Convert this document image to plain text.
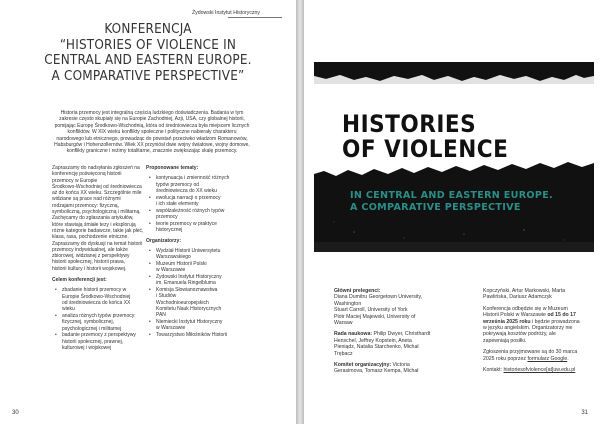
Żydowski Instytut Historyczny
KONFERENCJA
“HISTORIES OF VIOLENCE IN
CENTRAL AND EASTERN EUROPE.
A COMPARATIVE PERSPECTIVE”
Historia przemocy jest integralną częścią ludzkiego doświadczenia. Badania w tym
zakresie często skupiały się na Europie Zachodniej, Azji, USA, czy globalnej historii,
pomijając Europę Środkowo-Wschodnią, która od średniowiecza była miejscem licznych
konfliktów. W XIX wieku konflikty społeczne i polityczne nabierały charakteru
narodowego lub etnicznego, prowadząc do powstań przeciwko władzom Romanowów,
Habsburgów i Hohenzollernów. Wiek XX przyniósł dwie wojny światowe, wojny domowe,
konflikty graniczne i reżimy totalitarne, znacznie zwiększając skalę przemocy.
Zapraszamy do nadsyłania zgłoszeń na
konferencję poświęconą historii
przemocy w Europie
Środkowo-Wschodniej od średniowiecza
aż do końca XX wieku. Szczególnie mile
widziane są prace nad różnymi
rodzajami przemocy: fizyczną,
symboliczną, psychologiczną i militarną.
Zachęcamy do zgłaszania artykułów,
które stawiają śmiałe tezy i eksplorują
różne kategorie badawcze, takie jak płeć,
klasa, rasa, pochodzenie etniczne.
Zapraszamy do dyskusji na temat historii
przemocy indywidualnej, ale także
zbiorowej, widzianej z perspektywy
historii społecznej, historii prawa,
historii kultury i historii wojskowej.
Celem konferencji jest:
• zbadanie historii przemocy w
Europie Środkowo-Wschodniej
od średniowiecza do końca XX
wieku
• analiza różnych typów przemocy:
fizycznej, symbolicznej,
psychologicznej i militarnej
• badanie przemocy z perspektywy
historii społecznej, prawnej,
kulturowej i wojskowej
Proponowane tematy:
• kontynuacja i zmienność różnych
typów przemocy od
średniowiecza do XX wieku
• ewolucja narracji o przemocy
i ich stałe elementy
• współzależność różnych typów
przemocy
• teorie przemocy w praktyce
historycznej
Organizatorzy:
• Wydział Historii Uniwersytetu
Warszawskiego
• Muzeum Historii Polski
w Warszawie
• Żydowski Instytut Historyczny
im. Emanuela Ringelbluma
• Komisja Słowianoznawstwa
i Studiów
Wschodnioeuropejskich
Komitetu Nauk Historycznych
PAN
• Niemiecki Instytut Historyczny
w Warszawie
• Towarzystwo Miłośników Historii
30
HISTORIES
OF VIOLENCE
IN CENTRAL AND EASTERN EUROPE.
A COMPARATIVE PERSPECTIVE
Główni prelegenci:
Diana Dumitru Georgetown University,
Washington
Stuart Carroll, University of York
Piotr Maciej Majewski, University of
Warsaw
Rada naukowa: Philip Dwyer, Christhardt
Henschel, Jeffrey Kopstein, Aneta
Pieniądz, Natalia Starchenko, Michał
Trębacz
Komitet organizacyjny: Victoria
Gerasimova, Tomasz Kempa, Michał
Kopczyński, Artur Markowski, Marta
Pawlińska, Dariusz Adamczyk
Konferencja odbędzie się w Muzeum
Historii Polski w Warszawie od 15 do 17
września 2025 roku i będzie prowadzona
w języku angielskim. Organizatorzy nie
pokrywają kosztów podróży, ale
zapewniają posiłki.
Zgłoszenia przyjmowane są do 30 marca
2025 roku poprzez formularz Google.
Kontakt: historiesofviolence[at]uw.edu.pl
31
